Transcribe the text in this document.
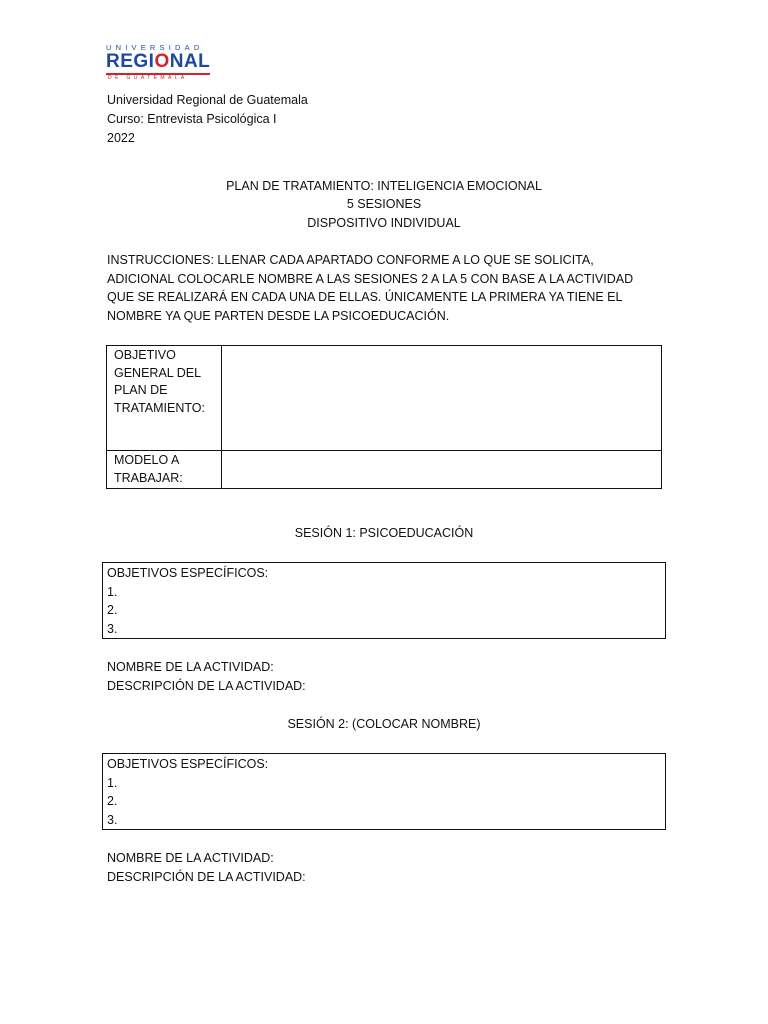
UNIVERSIDAD
REGIONAL
DE GUATEMALA
Universidad Regional de Guatemala
Curso: Entrevista Psicológica I
2022
PLAN DE TRATAMIENTO: INTELIGENCIA EMOCIONAL
5 SESIONES
DISPOSITIVO INDIVIDUAL
INSTRUCCIONES: LLENAR CADA APARTADO CONFORME A LO QUE SE SOLICITA, ADICIONAL COLOCARLE NOMBRE A LAS SESIONES 2 A LA 5 CON BASE A LA ACTIVIDAD QUE SE REALIZARÁ EN CADA UNA DE ELLAS. ÚNICAMENTE LA PRIMERA YA TIENE EL NOMBRE YA QUE PARTEN DESDE LA PSICOEDUCACIÓN.
OBJETIVO
GENERAL DEL
PLAN DE
TRATAMIENTO:	

MODELO A
TRABAJAR:	

SESIÓN 1: PSICOEDUCACIÓN
OBJETIVOS ESPECÍFICOS:
1.
2.
3.
NOMBRE DE LA ACTIVIDAD:
DESCRIPCIÓN DE LA ACTIVIDAD:
SESIÓN 2: (COLOCAR NOMBRE)
OBJETIVOS ESPECÍFICOS:
1.
2.
3.
NOMBRE DE LA ACTIVIDAD:
DESCRIPCIÓN DE LA ACTIVIDAD:
